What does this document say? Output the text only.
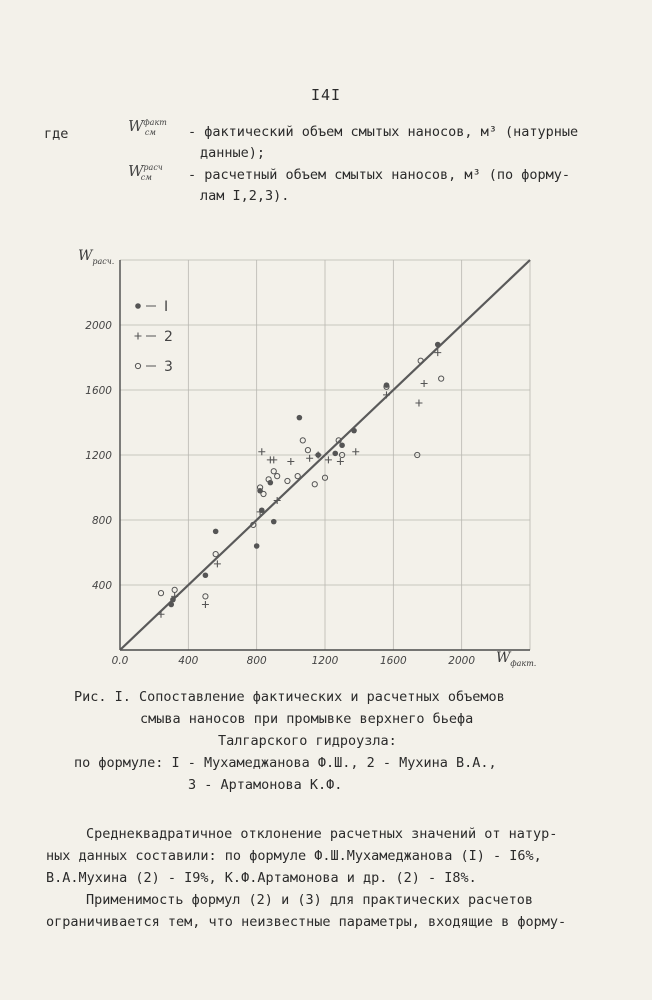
I4I
где	$W^{факт}_{см}$ - фактический объем смытых наносов, м³ (натурные
данные);
$W^{расч}_{см}$	- расчетный объем смытых наносов, м³ (по форму-
лам I,2,3).
0.0	400	800	1200	1600	2000
400
800
1200
1600
2000
I
2
3
$W_{расч.}$
$W_{факт.}$
Рис. I. Сопоставление фактических и расчетных объемов
смыва наносов при промывке верхнего бьефа
Талгарского гидроузла:
по формуле: I - Мухамеджанова Ф.Ш., 2 - Мухина В.А.,
3 - Артамонова К.Ф.
Среднеквадратичное отклонение расчетных значений от натур-
ных данных составили: по формуле Ф.Ш.Мухамеджанова (I) - I6%,
В.А.Мухина (2) - I9%, К.Ф.Артамонова и др. (2) - I8%.
Применимость формул (2) и (3) для практических расчетов
ограничивается тем, что неизвестные параметры, входящие в форму-
